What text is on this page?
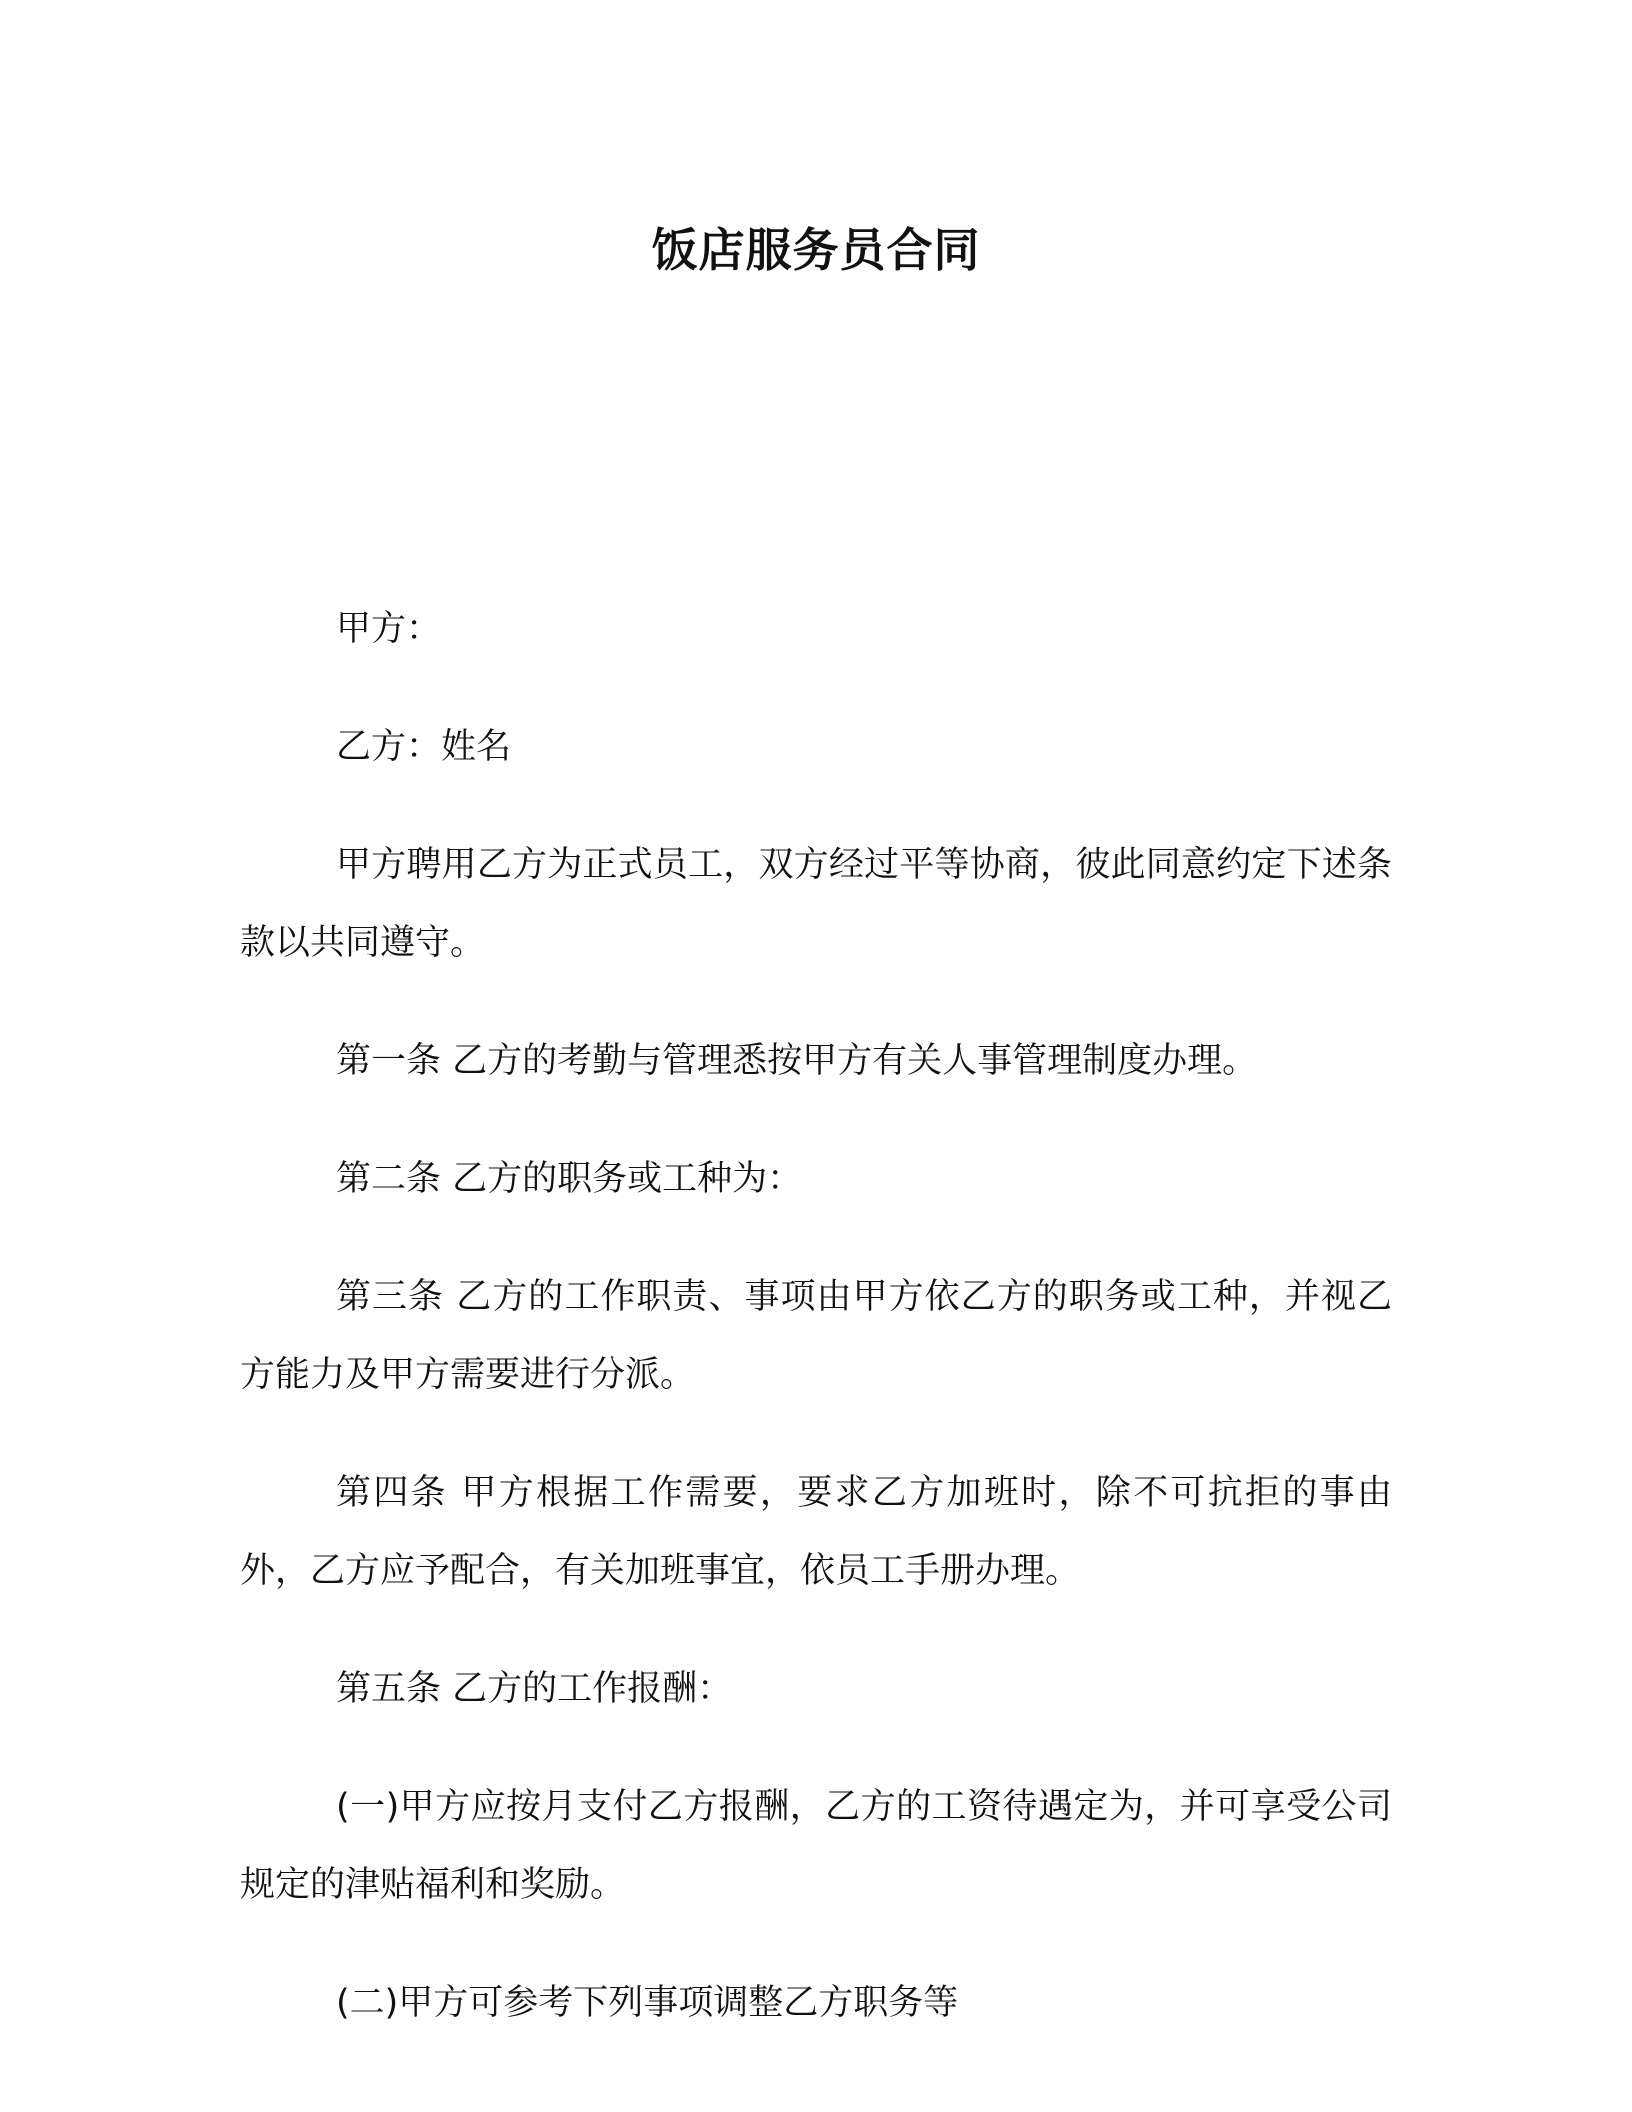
饭店服务员合同

甲方：

乙方：姓名

甲方聘用乙方为正式员工，双方经过平等协商，彼此同意约定下述条款以共同遵守。

第一条 乙方的考勤与管理悉按甲方有关人事管理制度办理。

第二条 乙方的职务或工种为：

第三条 乙方的工作职责、事项由甲方依乙方的职务或工种，并视乙方能力及甲方需要进行分派。

第四条 甲方根据工作需要，要求乙方加班时，除不可抗拒的事由外，乙方应予配合，有关加班事宜，依员工手册办理。

第五条 乙方的工作报酬：

(一)甲方应按月支付乙方报酬，乙方的工资待遇定为，并可享受公司规定的津贴福利和奖励。

(二)甲方可参考下列事项调整乙方职务等
